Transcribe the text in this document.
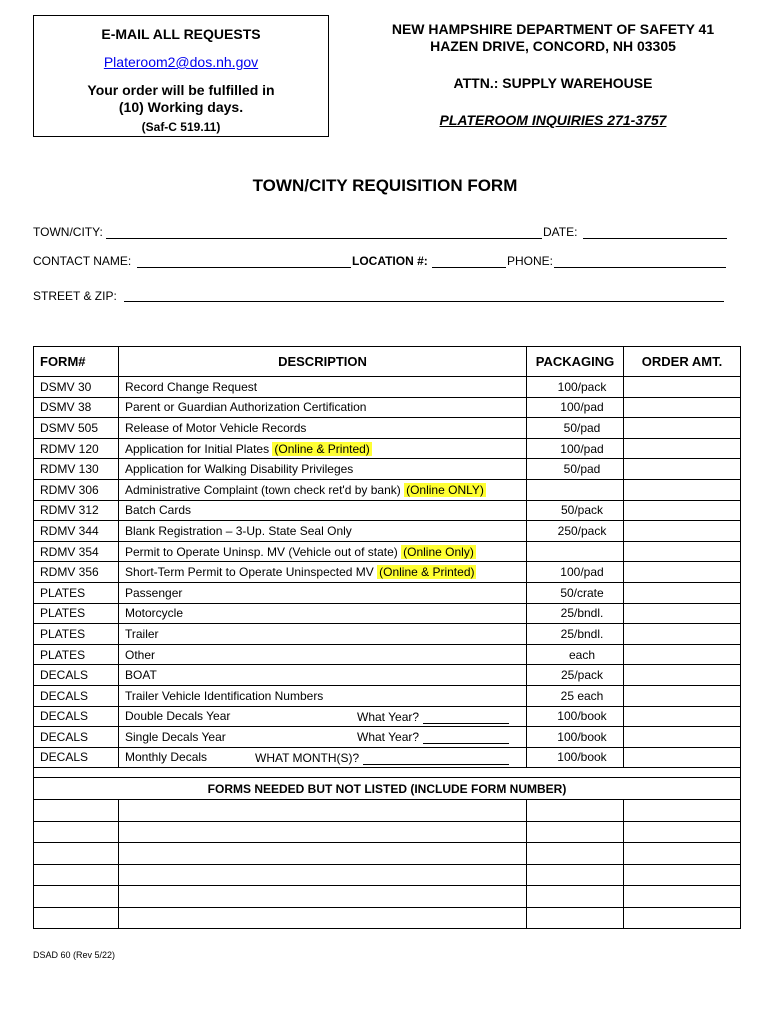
E-MAIL ALL REQUESTS
Plateroom2@dos.nh.gov
Your order will be fulfilled in
(10) Working days.
(Saf-C 519.11)
NEW HAMPSHIRE DEPARTMENT OF SAFETY 41
HAZEN DRIVE, CONCORD, NH 03305
ATTN.: SUPPLY WAREHOUSE
PLATEROOM INQUIRIES 271-3757
TOWN/CITY REQUISITION FORM
TOWN/CITY:	DATE:
CONTACT NAME:	LOCATION #:	PHONE:
STREET & ZIP:
FORM#	DESCRIPTION	PACKAGING	ORDER AMT.
DSMV 30	Record Change Request	100/pack	
DSMV 38	Parent or Guardian Authorization Certification	100/pad	
DSMV 505	Release of Motor Vehicle Records	50/pad	
RDMV 120	Application for Initial Plates (Online & Printed)	100/pad	
RDMV 130	Application for Walking Disability Privileges	50/pad	
RDMV 306	Administrative Complaint (town check ret'd by bank) (Online ONLY)		
RDMV 312	Batch Cards	50/pack	
RDMV 344	Blank Registration – 3-Up. State Seal Only	250/pack	
RDMV 354	Permit to Operate Uninsp. MV (Vehicle out of state) (Online Only)		
RDMV 356	Short-Term Permit to Operate Uninspected MV (Online & Printed)	100/pad	
PLATES	Passenger	50/crate	
PLATES	Motorcycle	25/bndl.	
PLATES	Trailer	25/bndl.	
PLATES	Other	each	
DECALS	BOAT	25/pack	
DECALS	Trailer Vehicle Identification Numbers	25 each	
DECALS	Double Decals Year What Year?	100/book	
DECALS	Single Decals Year What Year?	100/book	
DECALS	Monthly Decals WHAT MONTH(S)?	100/book	

FORMS NEEDED BUT NOT LISTED (INCLUDE FORM NUMBER)			

DSAD 60 (Rev 5/22)
